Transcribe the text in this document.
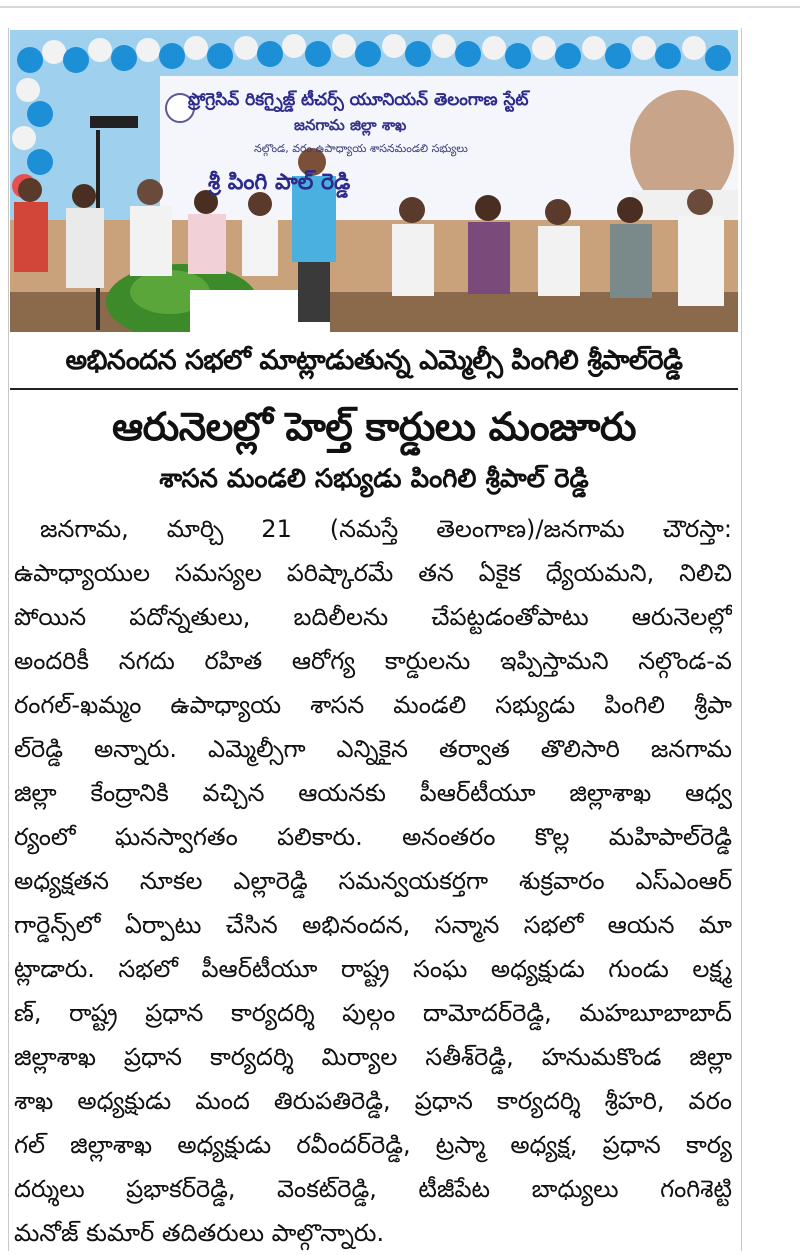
ప్రోగ్రెసివ్ రికగ్నైజ్డ్ టీచర్స్ యూనియన్ తెలంగాణ స్టేట్
జనగామ జిల్లా శాఖ
నల్గొండ, వరం ఉపాధ్యాయ శాసనమండలి సభ్యులు
శ్రీ పింగి పాల్ రెడ్డి
అభినందన సభలో మాట్లాడుతున్న ఎమ్మెల్సీ పింగిలి శ్రీపాల్‌రెడ్డి
ఆరునెలల్లో హెల్త్ కార్డులు మంజూరు
శాసన మండలి సభ్యుడు పింగిలి శ్రీపాల్ రెడ్డి
జనగామ, మార్చి 21 (నమస్తే తెలంగాణ)/జనగామ చౌరస్తా:
ఉపాధ్యాయుల సమస్యల పరిష్కారమే తన ఏకైక ధ్యేయమని, నిలిచి
పోయిన పదోన్నతులు, బదిలీలను చేపట్టడంతోపాటు ఆరునెలల్లో
అందరికీ నగదు రహిత ఆరోగ్య కార్డులను ఇప్పిస్తామని నల్గొండ-వ
రంగల్-ఖమ్మం ఉపాధ్యాయ శాసన మండలి సభ్యుడు పింగిలి శ్రీపా
ల్‌రెడ్డి అన్నారు. ఎమ్మెల్సీగా ఎన్నికైన తర్వాత తొలిసారి జనగామ
జిల్లా కేంద్రానికి వచ్చిన ఆయనకు పీఆర్‌టీయూ జిల్లాశాఖ ఆధ్వ
ర్యంలో ఘనస్వాగతం పలికారు. అనంతరం కొల్ల మహిపాల్‌రెడ్డి
అధ్యక్షతన నూకల ఎల్లారెడ్డి సమన్వయకర్తగా శుక్రవారం ఎస్‌ఎంఆర్
గార్డెన్స్‌లో ఏర్పాటు చేసిన అభినందన, సన్మాన సభలో ఆయన మా
ట్లాడారు. సభలో పీఆర్‌టీయూ రాష్ట్ర సంఘ అధ్యక్షుడు గుండు లక్ష్మ
ణ్, రాష్ట్ర ప్రధాన కార్యదర్శి పుల్గం దామోదర్‌రెడ్డి, మహబూబాబాద్
జిల్లాశాఖ ప్రధాన కార్యదర్శి మిర్యాల సతీశ్‌రెడ్డి, హనుమకొండ జిల్లా
శాఖ అధ్యక్షుడు మంద తిరుపతిరెడ్డి, ప్రధాన కార్యదర్శి శ్రీహరి, వరం
గల్ జిల్లాశాఖ అధ్యక్షుడు రవీందర్‌రెడ్డి, ట్రస్మా అధ్యక్ష, ప్రధాన కార్య
దర్శులు ప్రభాకర్‌రెడ్డి, వెంకట్‌రెడ్డి, టీజీపేట బాధ్యులు గంగిశెట్టి
మనోజ్ కుమార్ తదితరులు పాల్గొన్నారు.
